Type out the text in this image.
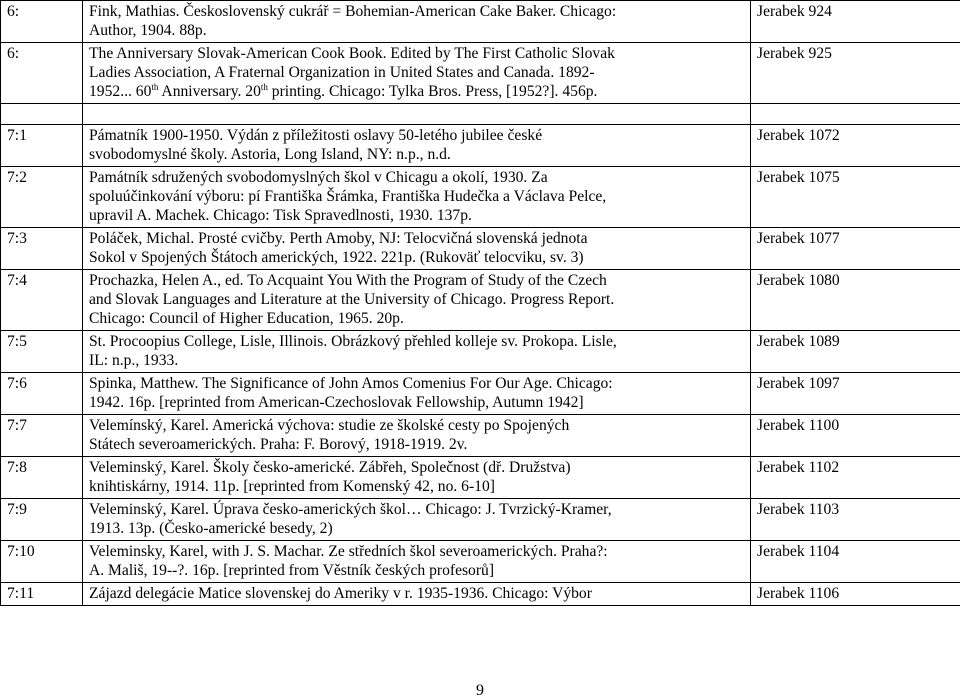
6:	Fink, Mathias. Československý cukrář = Bohemian-American Cake Baker. Chicago:
Author, 1904. 88p.	Jerabek 924
6:	The Anniversary Slovak-American Cook Book. Edited by The First Catholic Slovak
Ladies Association, A Fraternal Organization in United States and Canada. 1892-
1952... 60th Anniversary. 20th printing. Chicago: Tylka Bros. Press, [1952?]. 456p.	Jerabek 925

7:1	Pámatník 1900-1950. Výdán z příležitosti oslavy 50-letého jubilee české
svobodomyslné školy. Astoria, Long Island, NY: n.p., n.d.	Jerabek 1072
7:2	Památník sdružených svobodomyslných škol v Chicagu a okolí, 1930. Za
spoluúčinkování výboru: pí Františka Šrámka, Františka Hudečka a Václava Pelce,
upravil A. Machek. Chicago: Tisk Spravedlnosti, 1930. 137p.	Jerabek 1075
7:3	Poláček, Michal. Prosté cvičby. Perth Amoby, NJ: Telocvičná slovenská jednota
Sokol v Spojených Štátoch amerických, 1922. 221p. (Rukoväť telocviku, sv. 3)	Jerabek 1077
7:4	Prochazka, Helen A., ed. To Acquaint You With the Program of Study of the Czech
and Slovak Languages and Literature at the University of Chicago. Progress Report.
Chicago: Council of Higher Education, 1965. 20p.	Jerabek 1080
7:5	St. Procoopius College, Lisle, Illinois. Obrázkový přehled kolleje sv. Prokopa. Lisle,
IL: n.p., 1933.	Jerabek 1089
7:6	Spinka, Matthew. The Significance of John Amos Comenius For Our Age. Chicago:
1942. 16p. [reprinted from American-Czechoslovak Fellowship, Autumn 1942]	Jerabek 1097
7:7	Velemínský, Karel. Americká výchova: studie ze školské cesty po Spojených
Státech severoamerických. Praha: F. Borový, 1918-1919. 2v.	Jerabek 1100
7:8	Veleminský, Karel. Školy česko-americké. Zábřeh, Společnost (dř. Družstva)
knihtiskárny, 1914. 11p. [reprinted from Komenský 42, no. 6-10]	Jerabek 1102
7:9	Veleminský, Karel. Úprava česko-amerických škol… Chicago: J. Tvrzický-Kramer,
1913. 13p. (Česko-americké besedy, 2)	Jerabek 1103
7:10	Veleminsky, Karel, with J. S. Machar. Ze středních škol severoamerických. Praha?:
A. Mališ, 19--?. 16p. [reprinted from Věstník českých profesorů]	Jerabek 1104
7:11	Zájazd delegácie Matice slovenskej do Ameriky v r. 1935-1936. Chicago: Výbor	Jerabek 1106
9
